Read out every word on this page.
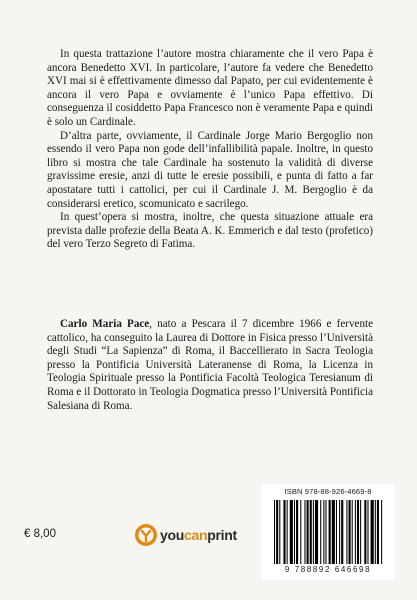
In questa trattazione l’autore mostra chiaramente che il vero Papa è ancora Benedetto XVI. In particolare, l’autore fa vedere che Benedetto XVI mai si è effettivamente dimesso dal Papato, per cui evidentemente è ancora il vero Papa e ovviamente è l’unico Papa effettivo. Di conseguenza il cosiddetto Papa Francesco non è veramente Papa e quindi è solo un Cardinale.

D’altra parte, ovviamente, il Cardinale Jorge Mario Bergoglio non essendo il vero Papa non gode dell’infallibilità papale. Inoltre, in questo libro si mostra che tale Cardinale ha sostenuto la validità di diverse gravissime eresie, anzi di tutte le eresie possibili, e punta di fatto a far apostatare tutti i cattolici, per cui il Cardinale J. M. Bergoglio è da considerarsi eretico, scomunicato e sacrilego.

In quest’opera si mostra, inoltre, che questa situazione attuale era prevista dalle profezie della Beata A. K. Emmerich e dal testo (profetico) del vero Terzo Segreto di Fatima.

Carlo Maria Pace, nato a Pescara il 7 dicembre 1966 e fervente cattolico, ha conseguito la Laurea di Dottore in Fisica presso l’Università degli Studi “La Sapienza” di Roma, il Baccellierato in Sacra Teologia presso la Pontificia Università Lateranense di Roma, la Licenza in Teologia Spirituale presso la Pontificia Facoltà Teologica Teresianum di Roma e il Dottorato in Teologia Dogmatica presso l’Università Pontificia Salesiana di Roma.

€ 8,00	youcanprint
ISBN 978-88-926-4669-8
9 788892 646698
